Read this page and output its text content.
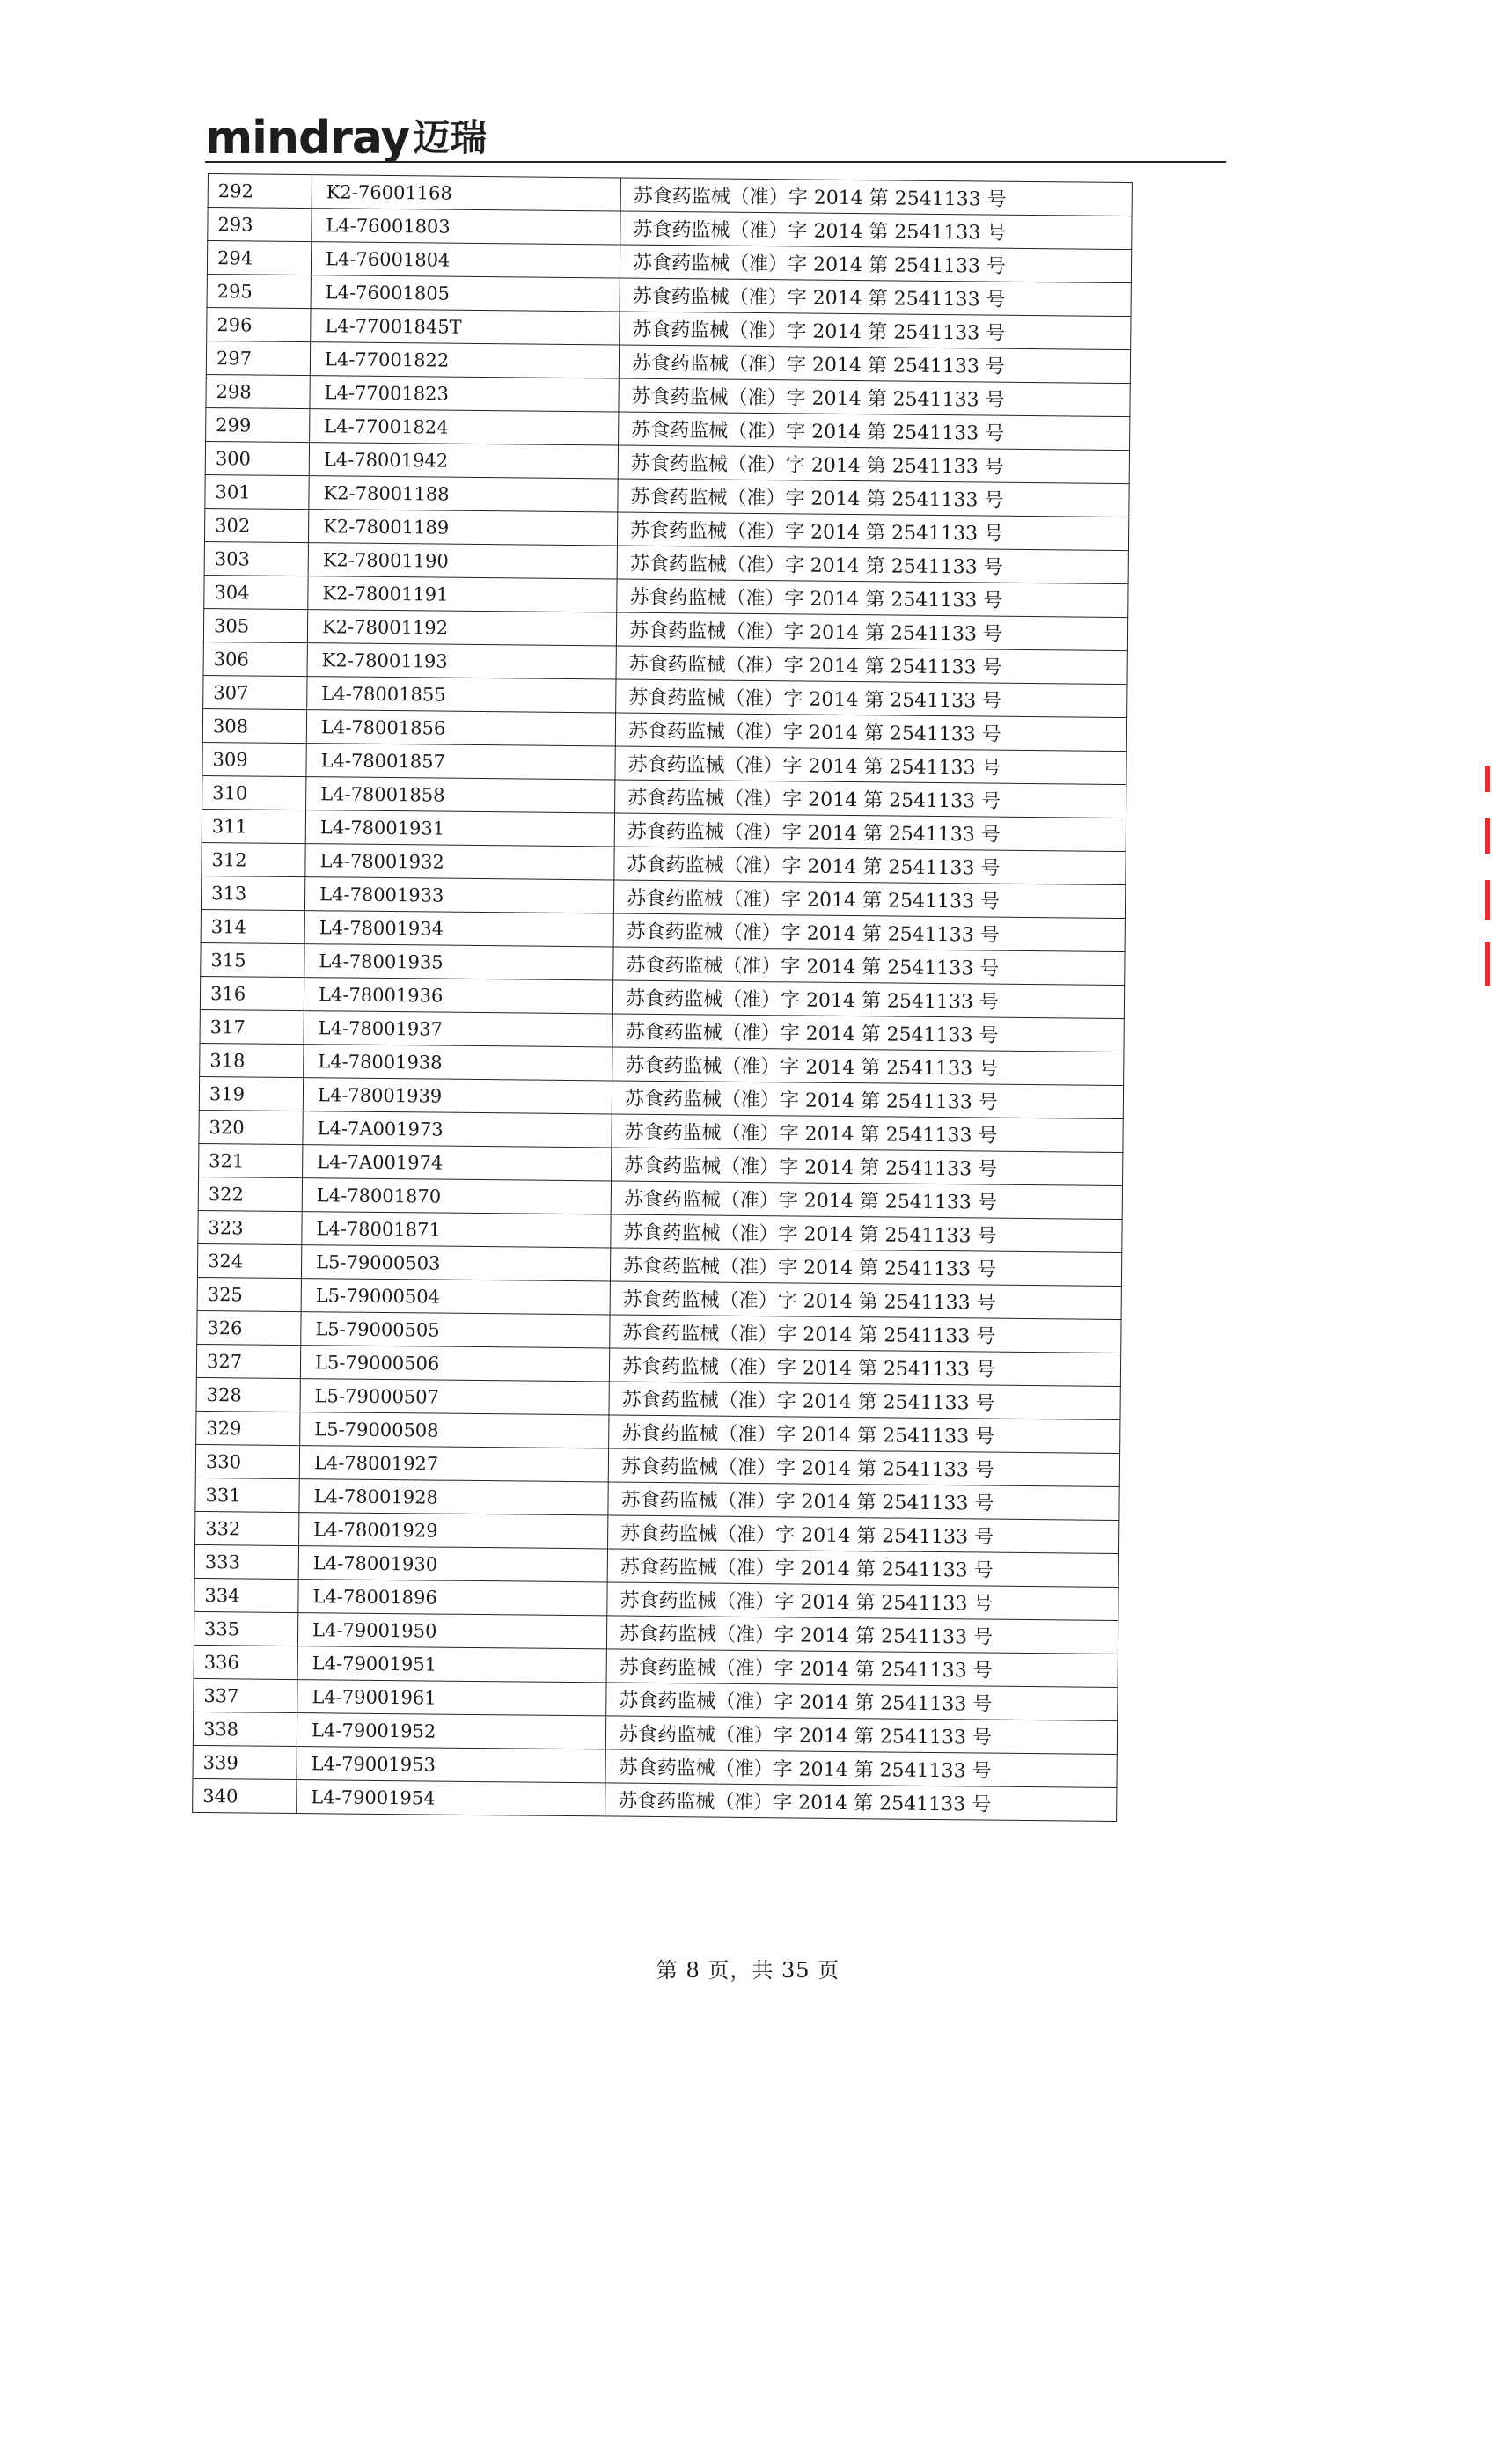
mindray 迈瑞
292	K2-76001168	苏食药监械（准）字 2014 第 2541133 号
293	L4-76001803	苏食药监械（准）字 2014 第 2541133 号
294	L4-76001804	苏食药监械（准）字 2014 第 2541133 号
295	L4-76001805	苏食药监械（准）字 2014 第 2541133 号
296	L4-77001845T	苏食药监械（准）字 2014 第 2541133 号
297	L4-77001822	苏食药监械（准）字 2014 第 2541133 号
298	L4-77001823	苏食药监械（准）字 2014 第 2541133 号
299	L4-77001824	苏食药监械（准）字 2014 第 2541133 号
300	L4-78001942	苏食药监械（准）字 2014 第 2541133 号
301	K2-78001188	苏食药监械（准）字 2014 第 2541133 号
302	K2-78001189	苏食药监械（准）字 2014 第 2541133 号
303	K2-78001190	苏食药监械（准）字 2014 第 2541133 号
304	K2-78001191	苏食药监械（准）字 2014 第 2541133 号
305	K2-78001192	苏食药监械（准）字 2014 第 2541133 号
306	K2-78001193	苏食药监械（准）字 2014 第 2541133 号
307	L4-78001855	苏食药监械（准）字 2014 第 2541133 号
308	L4-78001856	苏食药监械（准）字 2014 第 2541133 号
309	L4-78001857	苏食药监械（准）字 2014 第 2541133 号
310	L4-78001858	苏食药监械（准）字 2014 第 2541133 号
311	L4-78001931	苏食药监械（准）字 2014 第 2541133 号
312	L4-78001932	苏食药监械（准）字 2014 第 2541133 号
313	L4-78001933	苏食药监械（准）字 2014 第 2541133 号
314	L4-78001934	苏食药监械（准）字 2014 第 2541133 号
315	L4-78001935	苏食药监械（准）字 2014 第 2541133 号
316	L4-78001936	苏食药监械（准）字 2014 第 2541133 号
317	L4-78001937	苏食药监械（准）字 2014 第 2541133 号
318	L4-78001938	苏食药监械（准）字 2014 第 2541133 号
319	L4-78001939	苏食药监械（准）字 2014 第 2541133 号
320	L4-7A001973	苏食药监械（准）字 2014 第 2541133 号
321	L4-7A001974	苏食药监械（准）字 2014 第 2541133 号
322	L4-78001870	苏食药监械（准）字 2014 第 2541133 号
323	L4-78001871	苏食药监械（准）字 2014 第 2541133 号
324	L5-79000503	苏食药监械（准）字 2014 第 2541133 号
325	L5-79000504	苏食药监械（准）字 2014 第 2541133 号
326	L5-79000505	苏食药监械（准）字 2014 第 2541133 号
327	L5-79000506	苏食药监械（准）字 2014 第 2541133 号
328	L5-79000507	苏食药监械（准）字 2014 第 2541133 号
329	L5-79000508	苏食药监械（准）字 2014 第 2541133 号
330	L4-78001927	苏食药监械（准）字 2014 第 2541133 号
331	L4-78001928	苏食药监械（准）字 2014 第 2541133 号
332	L4-78001929	苏食药监械（准）字 2014 第 2541133 号
333	L4-78001930	苏食药监械（准）字 2014 第 2541133 号
334	L4-78001896	苏食药监械（准）字 2014 第 2541133 号
335	L4-79001950	苏食药监械（准）字 2014 第 2541133 号
336	L4-79001951	苏食药监械（准）字 2014 第 2541133 号
337	L4-79001961	苏食药监械（准）字 2014 第 2541133 号
338	L4-79001952	苏食药监械（准）字 2014 第 2541133 号
339	L4-79001953	苏食药监械（准）字 2014 第 2541133 号
340	L4-79001954	苏食药监械（准）字 2014 第 2541133 号
第 8 页，共 35 页
